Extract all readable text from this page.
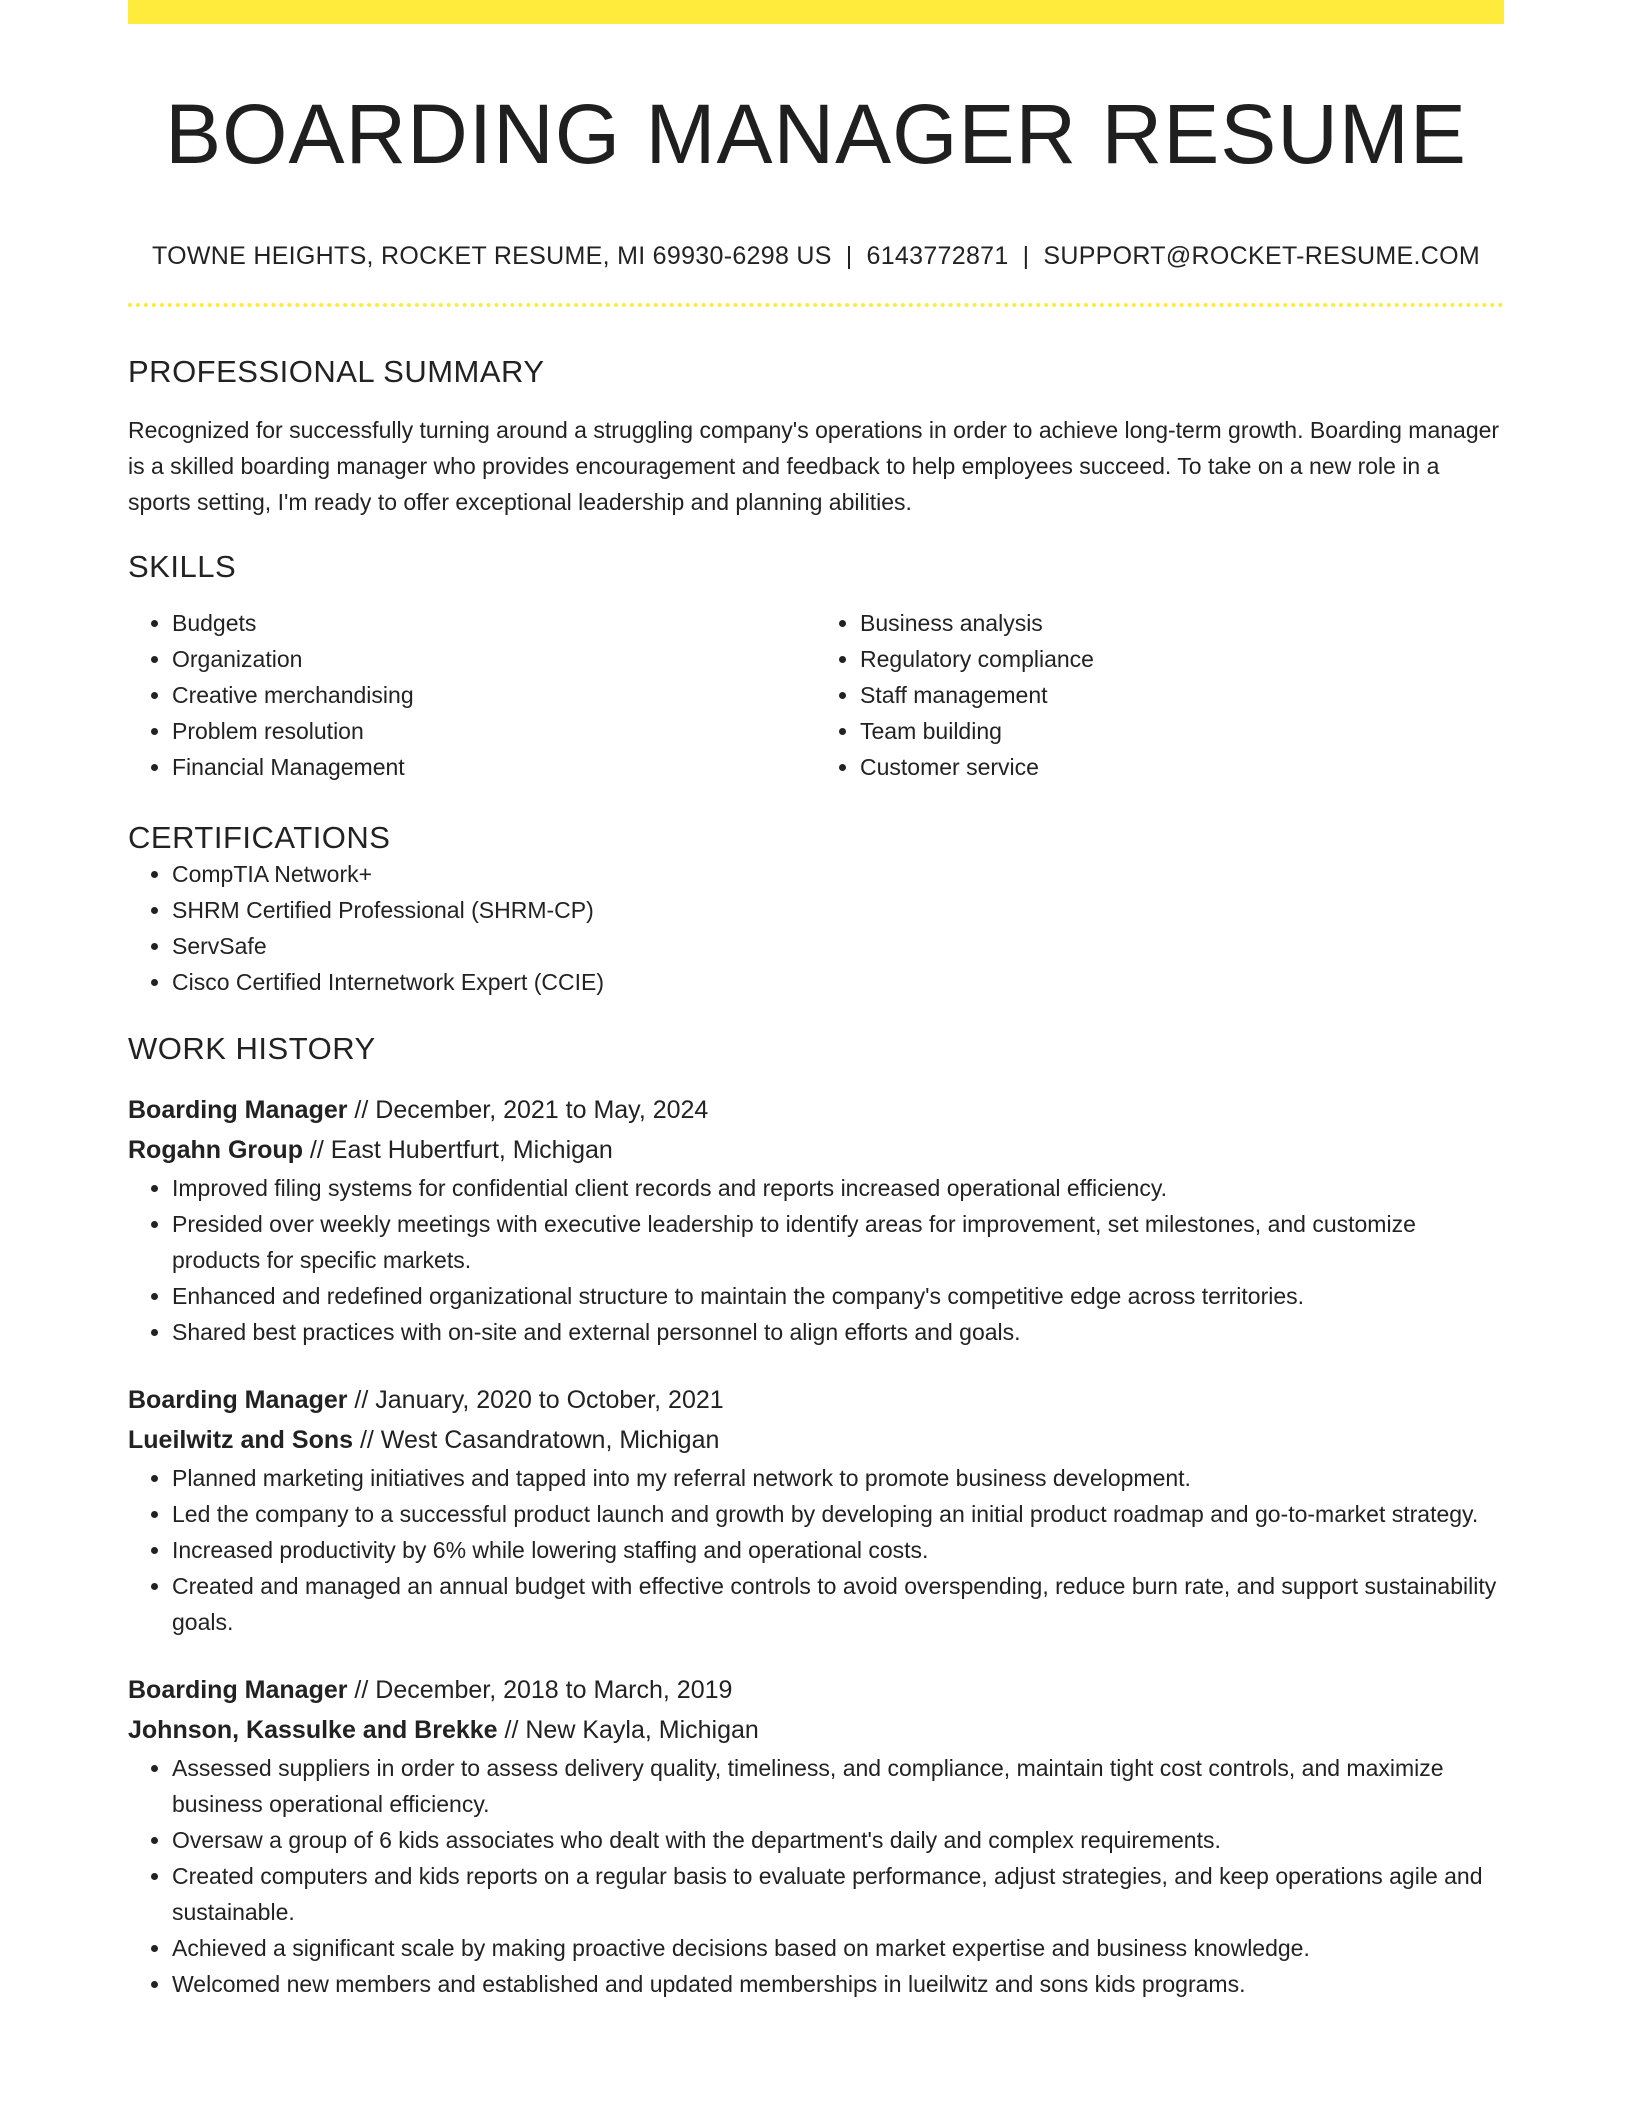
BOARDING MANAGER RESUME
TOWNE HEIGHTS, ROCKET RESUME, MI 69930-6298 US | 6143772871 | SUPPORT@ROCKET-RESUME.COM
PROFESSIONAL SUMMARY
Recognized for successfully turning around a struggling company's operations in order to achieve long-term growth. Boarding manager is a skilled boarding manager who provides encouragement and feedback to help employees succeed. To take on a new role in a sports setting, I'm ready to offer exceptional leadership and planning abilities.
SKILLS
• Budgets
• Organization
• Creative merchandising
• Problem resolution
• Financial Management
• Business analysis
• Regulatory compliance
• Staff management
• Team building
• Customer service
CERTIFICATIONS
• CompTIA Network+
• SHRM Certified Professional (SHRM-CP)
• ServSafe
• Cisco Certified Internetwork Expert (CCIE)
WORK HISTORY
Boarding Manager // December, 2021 to May, 2024
Rogahn Group // East Hubertfurt, Michigan
• Improved filing systems for confidential client records and reports increased operational efficiency.
• Presided over weekly meetings with executive leadership to identify areas for improvement, set milestones, and customize products for specific markets.
• Enhanced and redefined organizational structure to maintain the company's competitive edge across territories.
• Shared best practices with on-site and external personnel to align efforts and goals.
Boarding Manager // January, 2020 to October, 2021
Lueilwitz and Sons // West Casandratown, Michigan
• Planned marketing initiatives and tapped into my referral network to promote business development.
• Led the company to a successful product launch and growth by developing an initial product roadmap and go-to-market strategy.
• Increased productivity by 6% while lowering staffing and operational costs.
• Created and managed an annual budget with effective controls to avoid overspending, reduce burn rate, and support sustainability goals.
Boarding Manager // December, 2018 to March, 2019
Johnson, Kassulke and Brekke // New Kayla, Michigan
• Assessed suppliers in order to assess delivery quality, timeliness, and compliance, maintain tight cost controls, and maximize business operational efficiency.
• Oversaw a group of 6 kids associates who dealt with the department's daily and complex requirements.
• Created computers and kids reports on a regular basis to evaluate performance, adjust strategies, and keep operations agile and sustainable.
• Achieved a significant scale by making proactive decisions based on market expertise and business knowledge.
• Welcomed new members and established and updated memberships in lueilwitz and sons kids programs.
